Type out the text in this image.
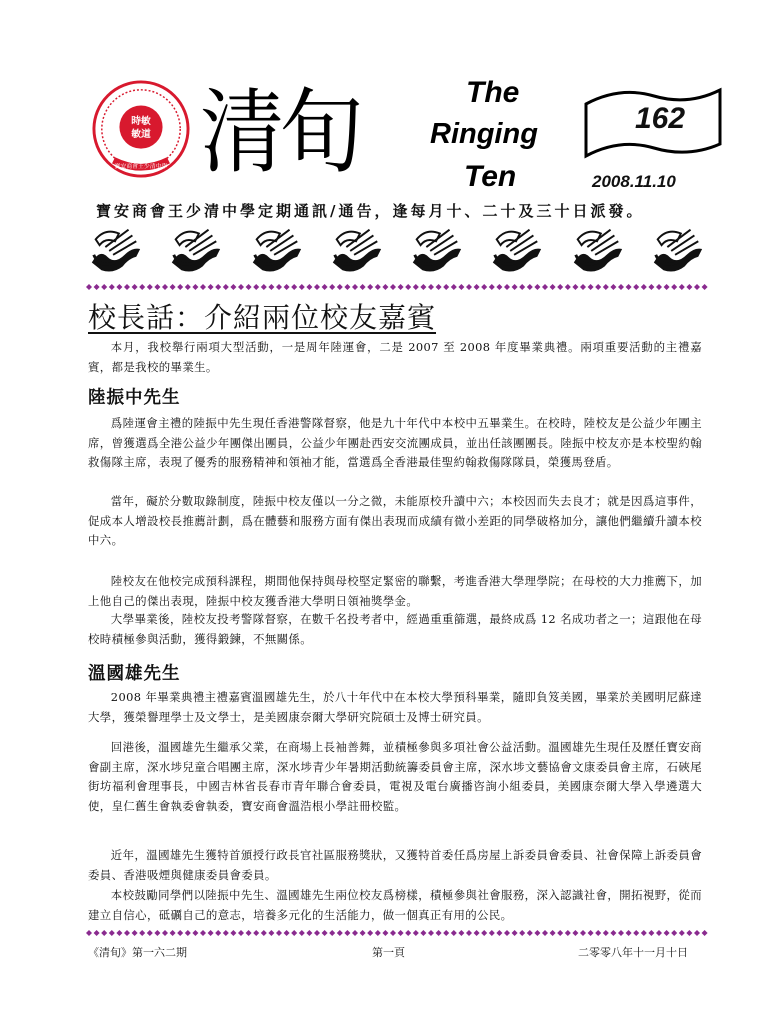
時敏
敏道
寶安商會王少清中學 清旬	The
Ringing
Ten
162
2008.11.10
寶安商會王少清中學定期通訊/通告，逢每月十、二十及三十日派發。
校長話：介紹兩位校友嘉賓

本月，我校舉行兩項大型活動，一是周年陸運會，二是 2007 至 2008 年度畢業典禮。兩項重要活動的主禮嘉賓，都是我校的畢業生。

陸振中先生

爲陸運會主禮的陸振中先生現任香港警隊督察，他是九十年代中本校中五畢業生。在校時，陸校友是公益少年團主席，曾獲選爲全港公益少年團傑出團員，公益少年團赴西安交流團成員，並出任該團團長。陸振中校友亦是本校聖約翰救傷隊主席，表現了優秀的服務精神和領袖才能，當選爲全香港最佳聖約翰救傷隊隊員，榮獲馬登盾。

當年，礙於分數取錄制度，陸振中校友僅以一分之微，未能原校升讀中六；本校因而失去良才；就是因爲這事件，促成本人增設校長推薦計劃，爲在體藝和服務方面有傑出表現而成績有微小差距的同學破格加分，讓他們繼續升讀本校中六。

陸校友在他校完成預科課程，期間他保持與母校堅定緊密的聯繫，考進香港大學理學院；在母校的大力推薦下，加上他自己的傑出表現，陸振中校友獲香港大學明日領袖獎學金。

大學畢業後，陸校友投考警隊督察，在數千名投考者中，經過重重篩選，最終成爲 12 名成功者之一；這跟他在母校時積極參與活動，獲得鍛鍊，不無關係。

溫國雄先生

2008 年畢業典禮主禮嘉賓溫國雄先生，於八十年代中在本校大學預科畢業，隨即負笈美國，畢業於美國明尼蘇達大學，獲榮譽理學士及文學士，是美國康奈爾大學研究院碩士及博士研究員。

回港後，溫國雄先生繼承父業，在商場上長袖善舞，並積極參與多項社會公益活動。溫國雄先生現任及歷任寶安商會副主席，深水埗兒童合唱團主席，深水埗青少年暑期活動統籌委員會主席，深水埗文藝協會文康委員會主席，石硤尾街坊福利會理事長，中國吉林省長春市青年聯合會委員，電視及電台廣播咨詢小組委員，美國康奈爾大學入學遴選大使，皇仁舊生會執委會執委，寶安商會溫浩根小學註冊校監。

近年，溫國雄先生獲特首頒授行政長官社區服務獎狀，又獲特首委任爲房屋上訴委員會委員、社會保障上訴委員會委員、香港吸煙與健康委員會委員。

本校鼓勵同學們以陸振中先生、溫國雄先生兩位校友爲榜樣，積極參與社會服務，深入認識社會，開拓視野，從而建立自信心，砥礪自己的意志，培養多元化的生活能力，做一個真正有用的公民。

《清旬》第一六二期	第一頁	二零零八年十一月十日
